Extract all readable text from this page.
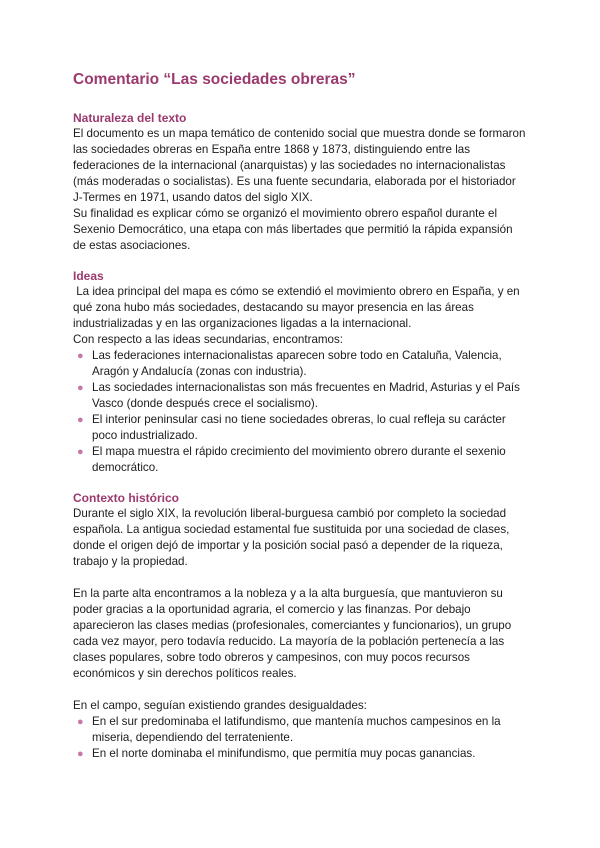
Comentario “Las sociedades obreras”
Naturaleza del texto

El documento es un mapa temático de contenido social que muestra donde se formaron las sociedades obreras en España entre 1868 y 1873, distinguiendo entre las federaciones de la internacional (anarquistas) y las sociedades no internacionalistas (más moderadas o socialistas). Es una fuente secundaria, elaborada por el historiador J-Termes en 1971, usando datos del siglo XIX.

Su finalidad es explicar cómo se organizó el movimiento obrero español durante el Sexenio Democrático, una etapa con más libertades que permitió la rápida expansión de estas asociaciones.

Ideas

La idea principal del mapa es cómo se extendió el movimiento obrero en España, y en qué zona hubo más sociedades, destacando su mayor presencia en las áreas industrializadas y en las organizaciones ligadas a la internacional.

Con respecto a las ideas secundarias, encontramos:

● Las federaciones internacionalistas aparecen sobre todo en Cataluña, Valencia, Aragón y Andalucía (zonas con industria).
● Las sociedades internacionalistas son más frecuentes en Madrid, Asturias y el País Vasco (donde después crece el socialismo).
● El interior peninsular casi no tiene sociedades obreras, lo cual refleja su carácter poco industrializado.
● El mapa muestra el rápido crecimiento del movimiento obrero durante el sexenio democrático.
Contexto histórico

Durante el siglo XIX, la revolución liberal-burguesa cambió por completo la sociedad española. La antigua sociedad estamental fue sustituida por una sociedad de clases, donde el origen dejó de importar y la posición social pasó a depender de la riqueza, trabajo y la propiedad.

En la parte alta encontramos a la nobleza y a la alta burguesía, que mantuvieron su poder gracias a la oportunidad agraria, el comercio y las finanzas. Por debajo aparecieron las clases medias (profesionales, comerciantes y funcionarios), un grupo cada vez mayor, pero todavía reducido. La mayoría de la población pertenecía a las clases populares, sobre todo obreros y campesinos, con muy pocos recursos económicos y sin derechos políticos reales.

En el campo, seguían existiendo grandes desigualdades:

● En el sur predominaba el latifundismo, que mantenía muchos campesinos en la miseria, dependiendo del terrateniente.
● En el norte dominaba el minifundismo, que permitía muy pocas ganancias.
